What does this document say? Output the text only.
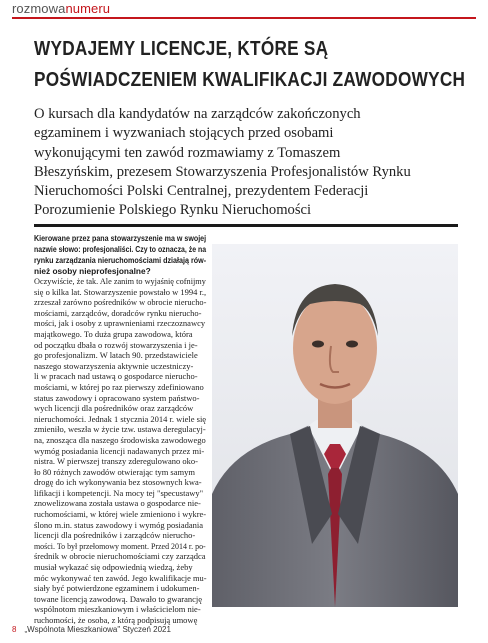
rozmowanumeru
WYDAJEMY LICENCJE, KTÓRE SĄ
POŚWIADCZENIEM KWALIFIKACJI ZAWODOWYCH

O kursach dla kandydatów na zarządców zakończonych
egzaminem i wyzwaniach stojących przed osobami
wykonującymi ten zawód rozmawiamy z Tomaszem
Błeszyńskim, prezesem Stowarzyszenia Profesjonalistów Rynku
Nieruchomości Polski Centralnej, prezydentem Federacji
Porozumienie Polskiego Rynku Nieruchomości

Kierowane przez pana stowarzyszenie ma w swojej
nazwie słowo: profesjonaliści. Czy to oznacza, że na
rynku zarządzania nieruchomościami działają rów-
nież osoby nieprofesjonalne?
Oczywiście, że tak. Ale zanim to wyjaśnię cofnijmy
się o kilka lat. Stowarzyszenie powstało w 1994 r.,
zrzeszał zarówno pośredników w obrocie nierucho-
mościami, zarządców, doradców rynku nierucho-
mości, jak i osoby z uprawnieniami rzeczoznawcy
majątkowego. To duża grupa zawodowa, która
od początku dbała o rozwój stowarzyszenia i je-
go profesjonalizm. W latach 90. przedstawiciele
naszego stowarzyszenia aktywnie uczestniczy-
li w pracach nad ustawą o gospodarce nierucho-
mościami, w której po raz pierwszy zdefiniowano
status zawodowy i opracowano system państwo-
wych licencji dla pośredników oraz zarządców
nieruchomości. Jednak 1 stycznia 2014 r. wiele się
zmieniło, weszła w życie tzw. ustawa deregulacyj-
na, znosząca dla naszego środowiska zawodowego
wymóg posiadania licencji nadawanych przez mi-
nistra. W pierwszej transzy zderegulowano oko-
ło 80 różnych zawodów otwierając tym samym
drogę do ich wykonywania bez stosownych kwa-
lifikacji i kompetencji. Na mocy tej "specustawy"
znowelizowana została ustawa o gospodarce nie-
ruchomościami, w której wiele zmieniono i wykre-
ślono m.in. status zawodowy i wymóg posiadania
licencji dla pośredników i zarządców nierucho-
mości. To był przełomowy moment. Przed 2014 r. po-
średnik w obrocie nieruchomościami czy zarządca
musiał wykazać się odpowiednią wiedzą, żeby
móc wykonywać ten zawód. Jego kwalifikacje mu-
siały być potwierdzone egzaminem i udokumen-
towane licencją zawodową. Dawało to gwarancję
wspólnotom mieszkaniowym i właścicielom nie-
ruchomości, że osoba, z którą podpisują umowę
8 „Wspólnota Mieszkaniowa" Styczeń 2021
